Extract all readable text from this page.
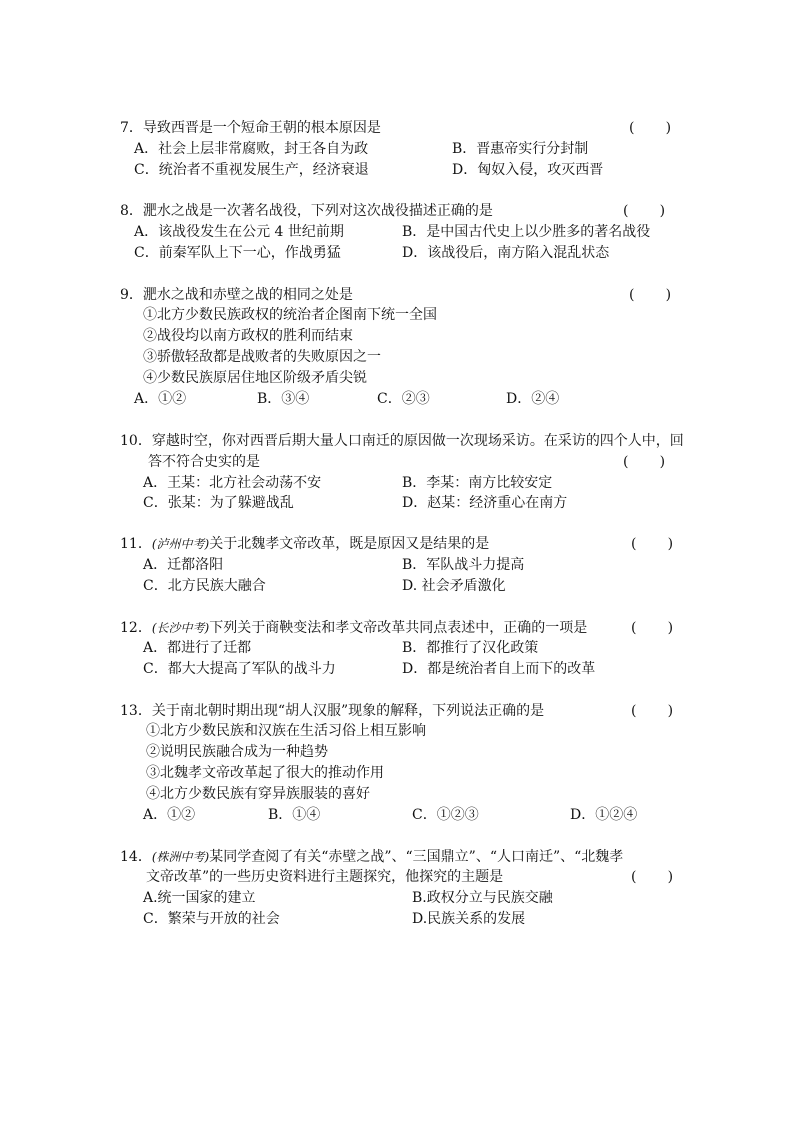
7．导致西晋是一个短命王朝的根本原因是	(       )
A．社会上层非常腐败，封王各自为政	B．晋惠帝实行分封制
C．统治者不重视发展生产，经济衰退	D．匈奴入侵，攻灭西晋
8．淝水之战是一次著名战役，下列对这次战役描述正确的是	(       )
A．该战役发生在公元 4 世纪前期	B．是中国古代史上以少胜多的著名战役
C．前秦军队上下一心，作战勇猛	D．该战役后，南方陷入混乱状态
9．淝水之战和赤壁之战的相同之处是	(       )
①北方少数民族政权的统治者企图南下统一全国
②战役均以南方政权的胜利而结束
③骄傲轻敌都是战败者的失败原因之一
④少数民族原居住地区阶级矛盾尖锐
A．①②	B．③④	C．②③	D．②④
10．穿越时空，你对西晋后期大量人口南迁的原因做一次现场采访。在采访的四个人中，回
答不符合史实的是	(       )
A．王某：北方社会动荡不安	B．李某：南方比较安定
C．张某：为了躲避战乱	D．赵某：经济重心在南方
11．(泸州中考)关于北魏孝文帝改革，既是原因又是结果的是	(       )
A．迁都洛阳	B．军队战斗力提高
C．北方民族大融合	D. 社会矛盾激化
12．(长沙中考)下列关于商鞅变法和孝文帝改革共同点表述中，正确的一项是	(       )
A．都进行了迁都	B．都推行了汉化政策
C．都大大提高了军队的战斗力	D．都是统治者自上而下的改革
13．关于南北朝时期出现“胡人汉服”现象的解释，下列说法正确的是	(       )
①北方少数民族和汉族在生活习俗上相互影响
②说明民族融合成为一种趋势
③北魏孝文帝改革起了很大的推动作用
④北方少数民族有穿异族服装的喜好
A．①②	B．①④	C．①②③	D．①②④
14．(株洲中考)某同学查阅了有关“赤壁之战”、“三国鼎立”、“人口南迁”、“北魏孝
文帝改革”的一些历史资料进行主题探究，他探究的主题是	(       )
A.统一国家的建立	B.政权分立与民族交融
C．繁荣与开放的社会	D.民族关系的发展
